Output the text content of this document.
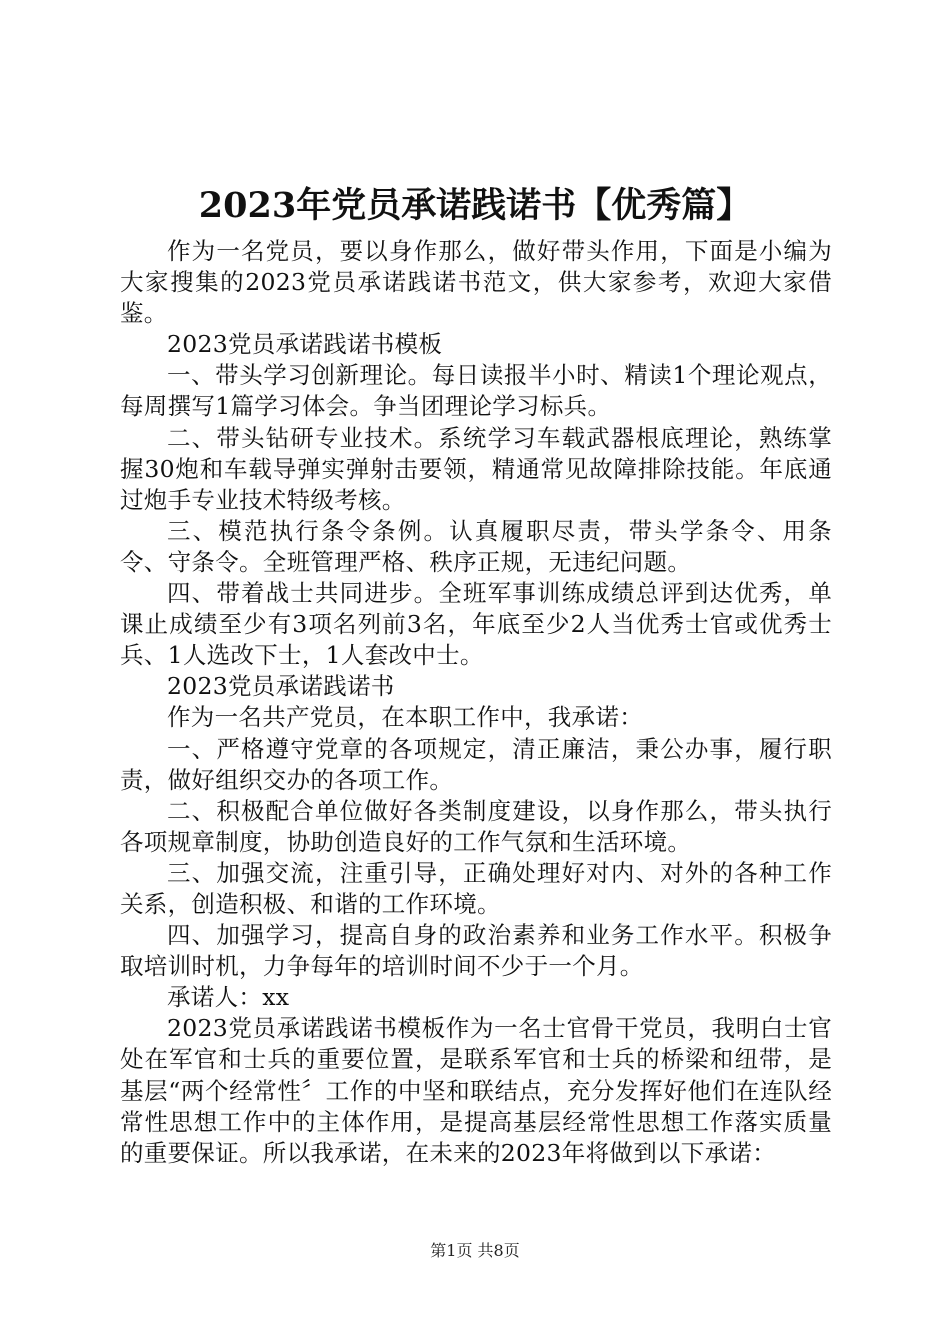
2023年党员承诺践诺书【优秀篇】

作为一名党员，要以身作那么，做好带头作用，下面是小编为大家搜集的2023党员承诺践诺书范文，供大家参考，欢迎大家借鉴。

2023党员承诺践诺书模板

一、带头学习创新理论。每日读报半小时、精读1个理论观点，每周撰写1篇学习体会。争当团理论学习标兵。

二、带头钻研专业技术。系统学习车载武器根底理论，熟练掌握30炮和车载导弹实弹射击要领，精通常见故障排除技能。年底通过炮手专业技术特级考核。

三、模范执行条令条例。认真履职尽责，带头学条令、用条令、守条令。全班管理严格、秩序正规，无违纪问题。

四、带着战士共同进步。全班军事训练成绩总评到达优秀，单课止成绩至少有3项名列前3名，年底至少2人当优秀士官或优秀士兵、1人选改下士，1人套改中士。

2023党员承诺践诺书

作为一名共产党员，在本职工作中，我承诺：

一、严格遵守党章的各项规定，清正廉洁，秉公办事，履行职责，做好组织交办的各项工作。

二、积极配合单位做好各类制度建设，以身作那么，带头执行各项规章制度，协助创造良好的工作气氛和生活环境。

三、加强交流，注重引导，正确处理好对内、对外的各种工作关系，创造积极、和谐的工作环境。

四、加强学习，提高自身的政治素养和业务工作水平。积极争取培训时机，力争每年的培训时间不少于一个月。

承诺人：xx

2023党员承诺践诺书模板作为一名士官骨干党员，我明白士官处在军官和士兵的重要位置，是联系军官和士兵的桥梁和纽带，是基层“两个经常性〞工作的中坚和联结点，充分发挥好他们在连队经常性思想工作中的主体作用，是提高基层经常性思想工作落实质量的重要保证。所以我承诺，在未来的2023年将做到以下承诺：

第1页 共8页
